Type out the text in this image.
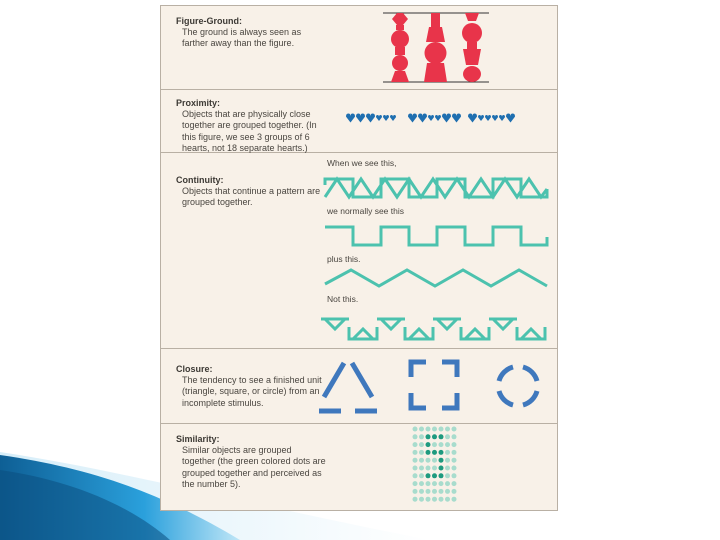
Figure-Ground:
The ground is always seen as farther away than the figure.
Proximity:
Objects that are physically close together are grouped together. (In this figure, we see 3 groups of 6 hearts, not 18 separate hearts.)
Continuity:
Objects that continue a pattern are grouped together.
When we see this,
we normally see this
plus this.
Not this.
Closure:
The tendency to see a finished unit (triangle, square, or circle) from an incomplete stimulus.
Similarity:
Similar objects are grouped together (the green colored dots are grouped together and perceived as the number 5).
